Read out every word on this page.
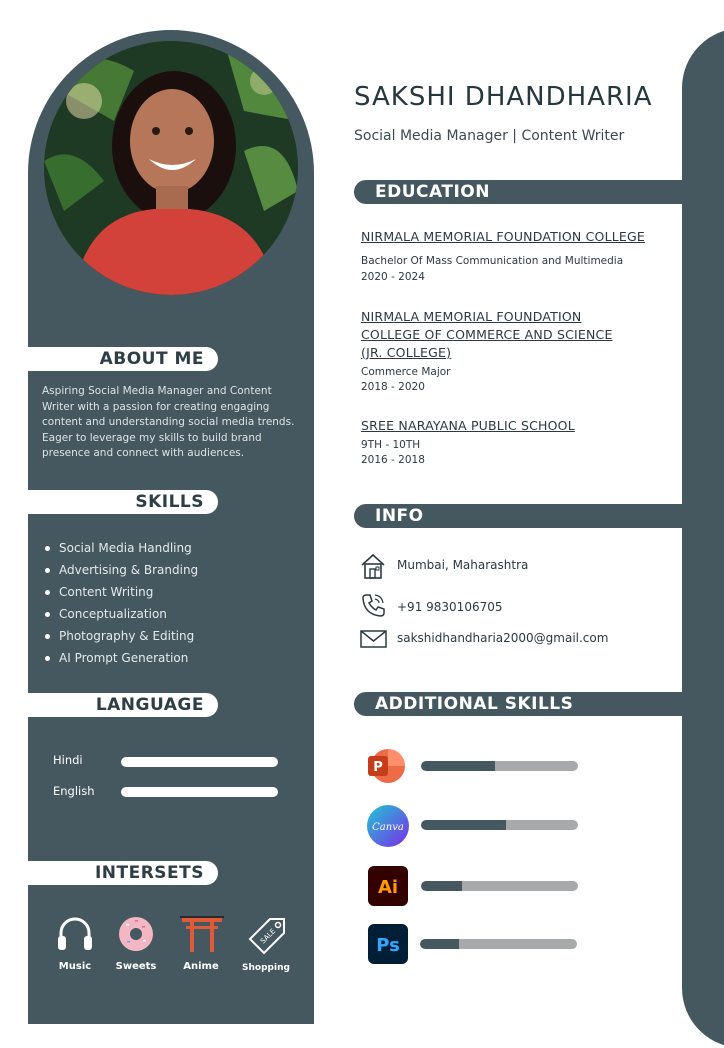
SAKSHI DHANDHARIA
Social Media Manager | Content Writer
ABOUT ME
Aspiring Social Media Manager and Content Writer with a passion for creating engaging content and understanding social media trends. Eager to leverage my skills to build brand presence and connect with audiences.
SKILLS
Social Media Handling
Advertising & Branding
Content Writing
Conceptualization
Photography & Editing
AI Prompt Generation
LANGUAGE
Hindi
English
INTERSETS
Music	Sweets	Anime
SALE
Shopping
EDUCATION
NIRMALA MEMORIAL FOUNDATION COLLEGE
Bachelor Of Mass Communication and Multimedia
2020 - 2024
NIRMALA MEMORIAL FOUNDATION
COLLEGE OF COMMERCE AND SCIENCE
(JR. COLLEGE)
Commerce Major
2018 - 2020
SREE NARAYANA PUBLIC SCHOOL
9TH - 10TH
2016 - 2018
INFO
Mumbai, Maharashtra
+91 9830106705
sakshidhandharia2000@gmail.com
ADDITIONAL SKILLS
P
Canva
Ai
Ps
